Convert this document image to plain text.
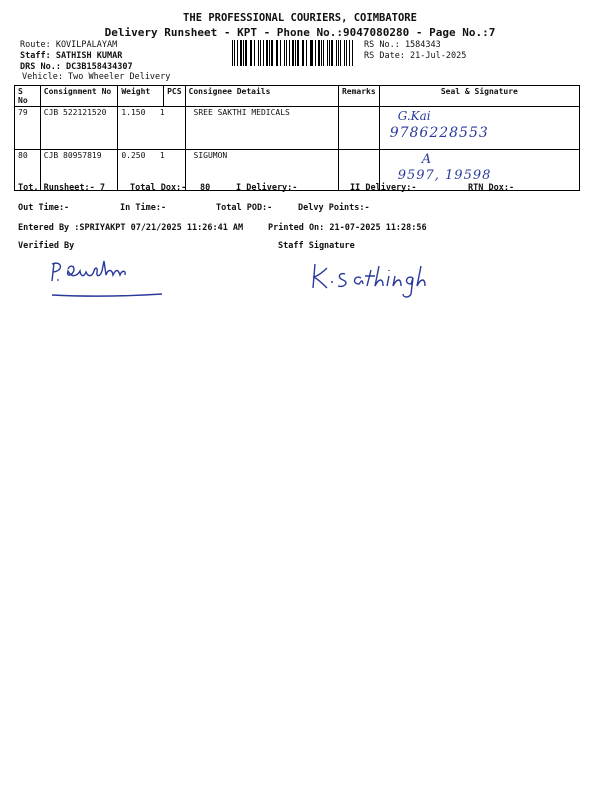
THE PROFESSIONAL COURIERS, COIMBATORE
Delivery Runsheet - KPT - Phone No.:9047080280 - Page No.:7
Route: KOVILPALAYAM
Staff: SATHISH KUMAR
DRS No.: DC3B158434307
Vehicle: Two Wheeler Delivery
RS No.: 1584343
RS Date: 21-Jul-2025
S No	Consignment No	Weight	PCS	Consignee Details	Remarks	Seal & Signature
79	CJB 522121520	1.150 1		SREE SAKTHI MEDICALS		G.Kai
9786228553

80	CJB 80957819	0.250 1		SIGUMON		A
9597, 19598
Tot. Runsheet:- 7	Total Dox:- 80	I Delivery:-	II Delivery:-	RTN Dox:-
Out Time:-	In Time:-	Total POD:-	Delvy Points:-
Entered By :SPRIYAKPT 07/21/2025 11:26:41 AM	Printed On: 21-07-2025 11:28:56
Verified By	Staff Signature
